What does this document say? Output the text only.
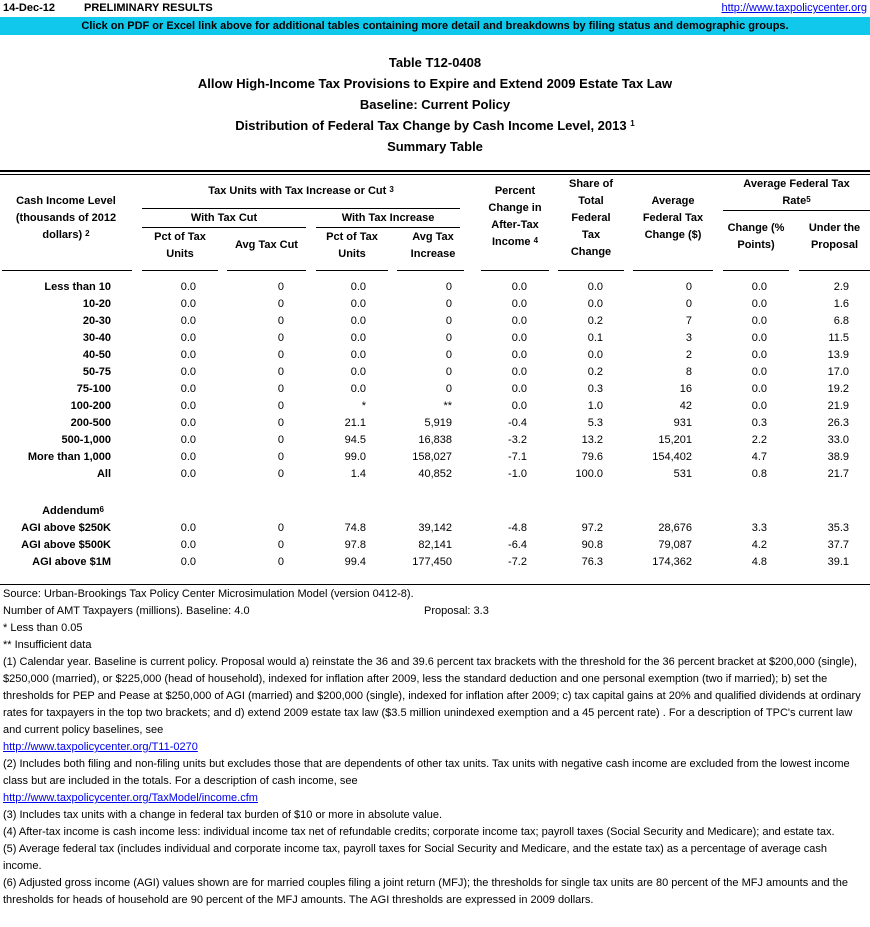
14-Dec-12	PRELIMINARY RESULTS	http://www.taxpolicycenter.org
Click on PDF or Excel link above for additional tables containing more detail and breakdowns by filing status and demographic groups.
Table T12-0408
Allow High-Income Tax Provisions to Expire and Extend 2009 Estate Tax Law
Baseline: Current Policy
Distribution of Federal Tax Change by Cash Income Level, 2013 $^1$
Summary Table
Cash Income Level
(thousands of 2012
dollars) $^2$
Tax Units with Tax Increase or Cut $^3$
With Tax Cut	With Tax Increase
Pct of Tax
Units
Avg Tax Cut
Pct of Tax
Units
Avg Tax
Increase
Percent
Change in
After-Tax
Income $^4$
Share of
Total
Federal
Tax
Change
Average
Federal Tax
Change ($)
Average Federal Tax
Rate$^5$
Change (%
Points)
Under the
Proposal
Less than 10	0.0	0	0.0	0	0.0	0.0	0	0.0	2.9
10-20	0.0	0	0.0	0	0.0	0.0	0	0.0	1.6
20-30	0.0	0	0.0	0	0.0	0.2	7	0.0	6.8
30-40	0.0	0	0.0	0	0.0	0.1	3	0.0	11.5
40-50	0.0	0	0.0	0	0.0	0.0	2	0.0	13.9
50-75	0.0	0	0.0	0	0.0	0.2	8	0.0	17.0
75-100	0.0	0	0.0	0	0.0	0.3	16	0.0	19.2
100-200	0.0	0	*	**	0.0	1.0	42	0.0	21.9
200-500	0.0	0	21.1	5,919	-0.4	5.3	931	0.3	26.3
500-1,000	0.0	0	94.5	16,838	-3.2	13.2	15,201	2.2	33.0
More than 1,000	0.0	0	99.0	158,027	-7.1	79.6	154,402	4.7	38.9
All	0.0	0	1.4	40,852	-1.0	100.0	531	0.8	21.7
Addendum$^6$
AGI above $250K	0.0	0	74.8	39,142	-4.8	97.2	28,676	3.3	35.3
AGI above $500K	0.0	0	97.8	82,141	-6.4	90.8	79,087	4.2	37.7
AGI above $1M	0.0	0	99.4	177,450	-7.2	76.3	174,362	4.8	39.1
Source: Urban-Brookings Tax Policy Center Microsimulation Model (version 0412-8).
Number of AMT Taxpayers (millions). Baseline: 4.0	Proposal: 3.3
* Less than 0.05
** Insufficient data
(1) Calendar year. Baseline is current policy. Proposal would a) reinstate the 36 and 39.6 percent tax brackets with the threshold for the 36 percent bracket at $200,000 (single), $250,000 (married), or $225,000 (head of household), indexed for inflation after 2009, less the standard deduction and one personal exemption (two if married); b) set the thresholds for PEP and Pease at $250,000 of AGI (married) and $200,000 (single), indexed for inflation after 2009; c) tax capital gains at 20% and qualified dividends at ordinary rates for taxpayers in the top two brackets; and d) extend 2009 estate tax law ($3.5 million unindexed exemption and a 45 percent rate) . For a description of TPC's current law and current policy baselines, see
http://www.taxpolicycenter.org/T11-0270
(2) Includes both filing and non-filing units but excludes those that are dependents of other tax units. Tax units with negative cash income are excluded from the lowest income class but are included in the totals. For a description of cash income, see
http://www.taxpolicycenter.org/TaxModel/income.cfm
(3) Includes tax units with a change in federal tax burden of $10 or more in absolute value.
(4) After-tax income is cash income less: individual income tax net of refundable credits; corporate income tax; payroll taxes (Social Security and Medicare); and estate tax.
(5) Average federal tax (includes individual and corporate income tax, payroll taxes for Social Security and Medicare, and the estate tax) as a percentage of average cash income.
(6) Adjusted gross income (AGI) values shown are for married couples filing a joint return (MFJ); the thresholds for single tax units are 80 percent of the MFJ amounts and the thresholds for heads of household are 90 percent of the MFJ amounts. The AGI thresholds are expressed in 2009 dollars.
